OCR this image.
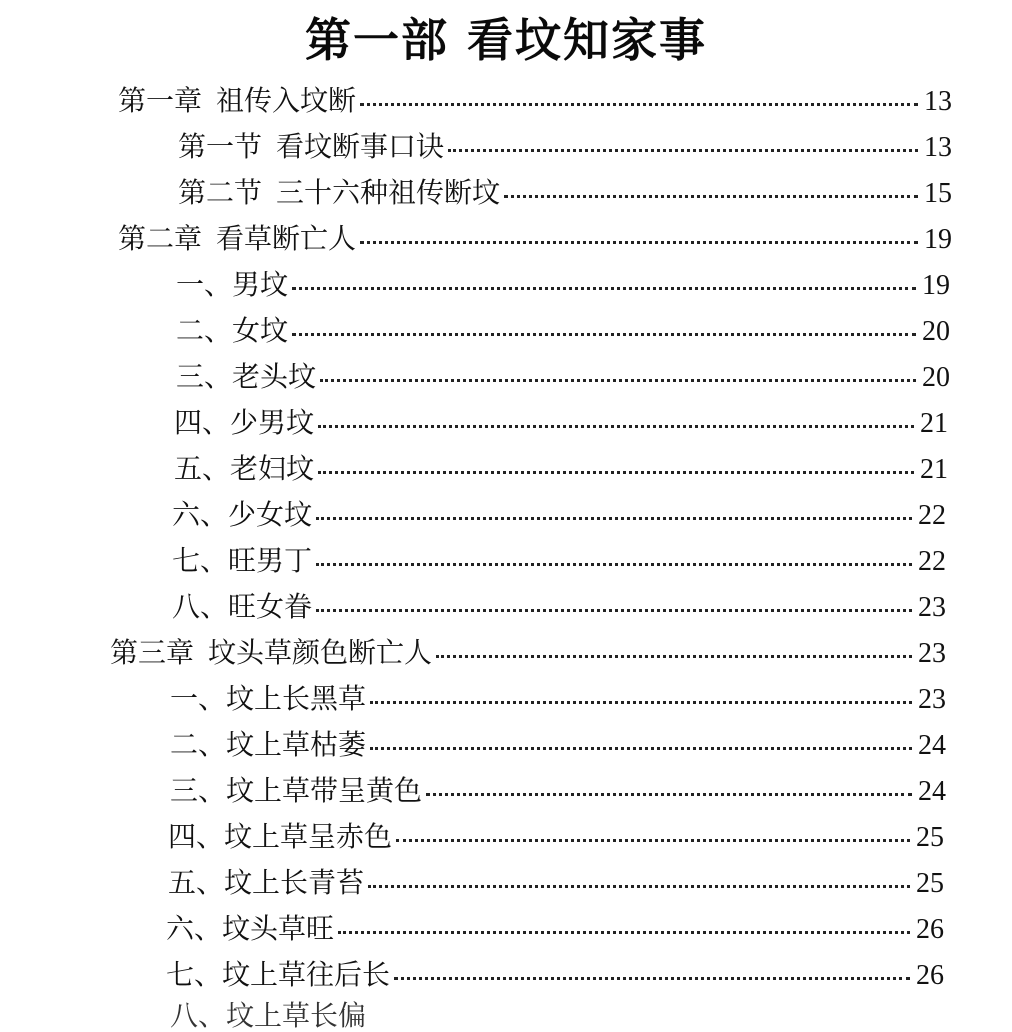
第一部 看坟知家事
第一章 祖传入坟断	13
第一节 看坟断事口诀	13
第二节 三十六种祖传断坟	15
第二章 看草断亡人	19
一、男坟	19
二、女坟	20
三、老头坟	20
四、少男坟	21
五、老妇坟	21
六、少女坟	22
七、旺男丁	22
八、旺女眷	23
第三章 坟头草颜色断亡人	23
一、坟上长黑草	23
二、坟上草枯萎	24
三、坟上草带呈黄色	24
四、坟上草呈赤色	25
五、坟上长青苔	25
六、坟头草旺	26
七、坟上草往后长	26
八、坟上草长偏
